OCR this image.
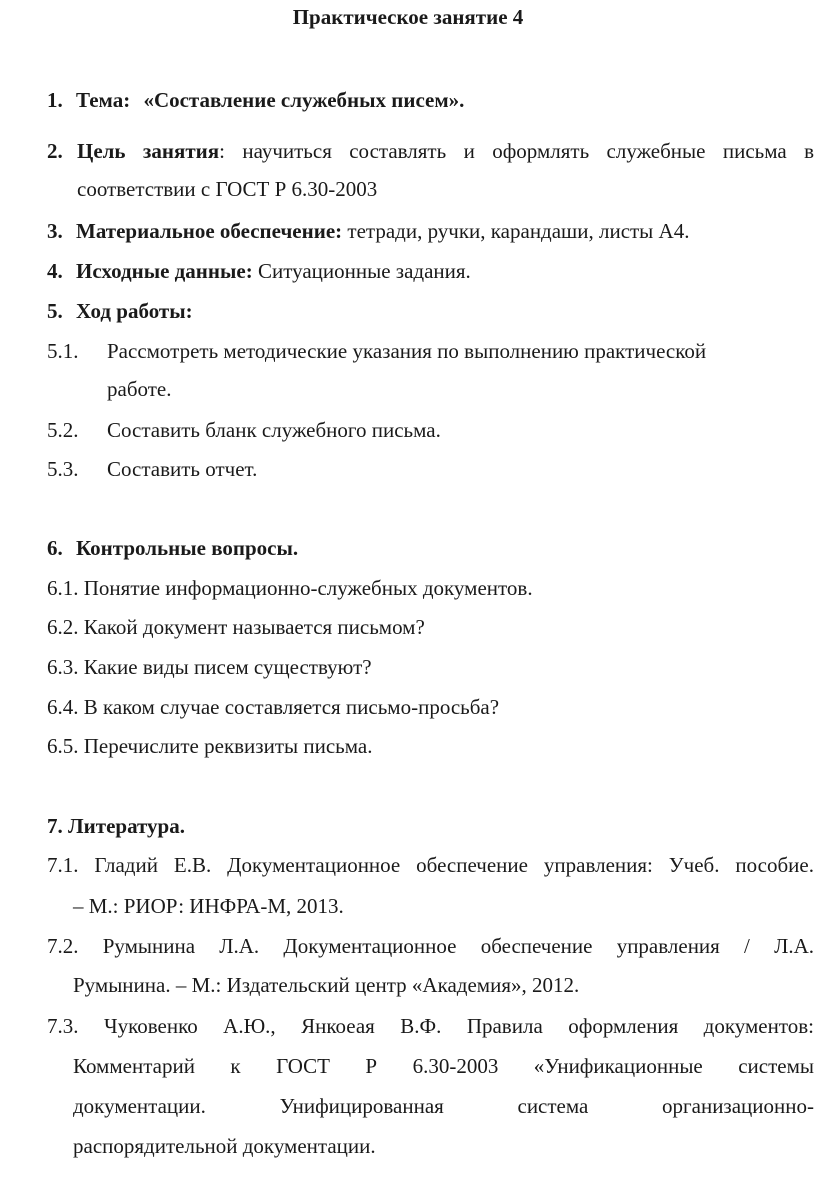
Практическое занятие 4
1. Тема: «Составление служебных писем».
2. Цель занятия: научиться составлять и оформлять служебные письма в
соответствии с ГОСТ Р 6.30-2003
3. Материальное обеспечение: тетради, ручки, карандаши, листы А4.
4. Исходные данные: Ситуационные задания.
5. Ход работы:
5.1. Рассмотреть методические указания по выполнению практической
работе.
5.2. Составить бланк служебного письма.
5.3. Составить отчет.
6. Контрольные вопросы.
6.1. Понятие информационно-служебных документов.
6.2. Какой документ называется письмом?
6.3. Какие виды писем существуют?
6.4. В каком случае составляется письмо-просьба?
6.5. Перечислите реквизиты письма.
7. Литература.
7.1. Гладий Е.В. Документационное обеспечение управления: Учеб. пособие.
– М.: РИОР: ИНФРА-М, 2013.
7.2. Румынина Л.А. Документационное обеспечение управления / Л.А.
Румынина. – М.: Издательский центр «Академия», 2012.
7.3. Чуковенко А.Ю., Янкоеая В.Ф. Правила оформления документов:
Комментарий к ГОСТ Р 6.30-2003 «Унификационные системы
документации. Унифицированная система организационно-
распорядительной документации.
